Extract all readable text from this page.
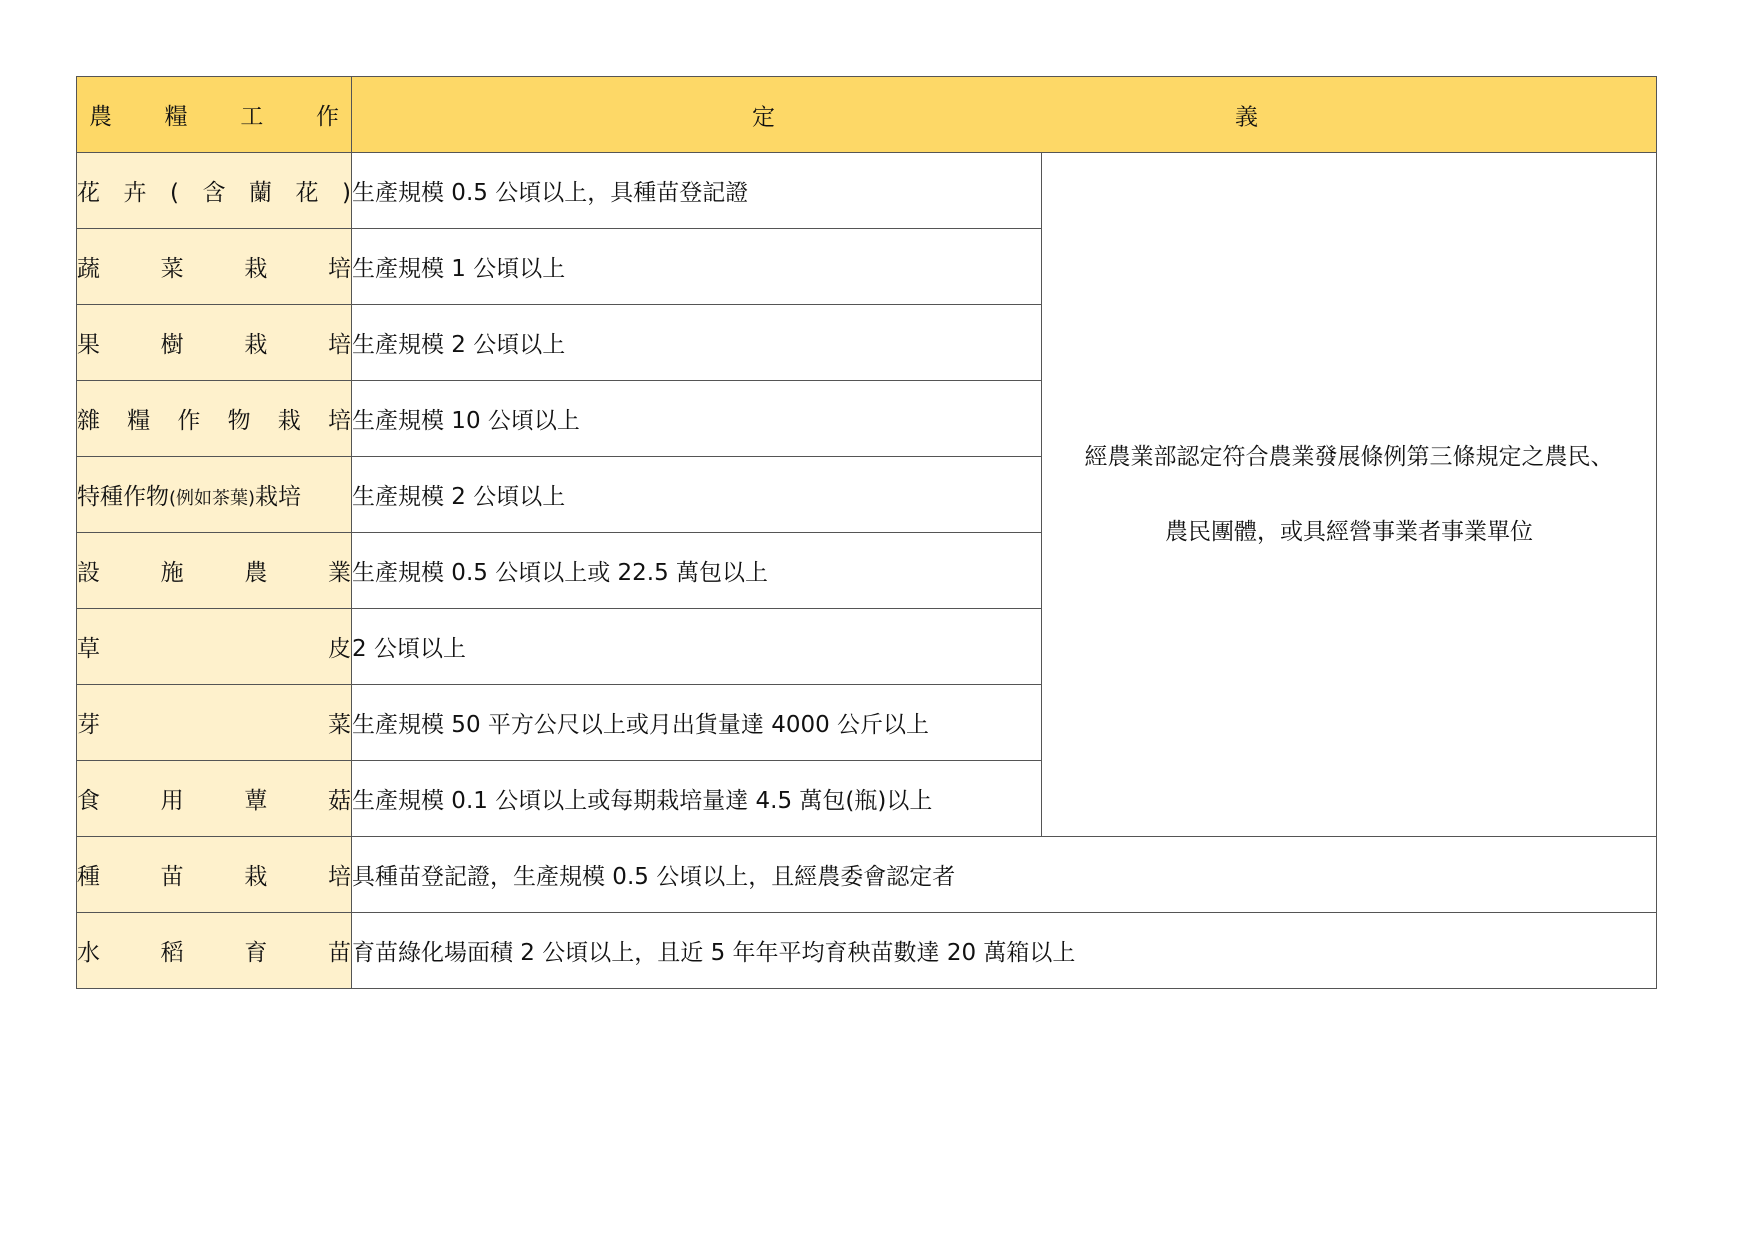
農糧工作	定 義	

花卉(含蘭花)	生產規模 0.5 公頃以上，具種苗登記證	經農業部認定符合農業發展條例第三條規定之農民、
農民團體，或具經營事業者事業單位

蔬菜栽培	生產規模 1 公頃以上	

果樹栽培	生產規模 2 公頃以上	

雜糧作物栽培	生產規模 10 公頃以上	

特種作物(例如茶葉)栽培	生產規模 2 公頃以上	

設施農業	生產規模 0.5 公頃以上或 22.5 萬包以上	

草皮	2 公頃以上	

芽菜	生產規模 50 平方公尺以上或月出貨量達 4000 公斤以上	

食用蕈菇	生產規模 0.1 公頃以上或每期栽培量達 4.5 萬包(瓶)以上	

種苗栽培	具種苗登記證，生產規模 0.5 公頃以上，且經農委會認定者	

水稻育苗	育苗綠化場面積 2 公頃以上，且近 5 年年平均育秧苗數達 20 萬箱以上	
